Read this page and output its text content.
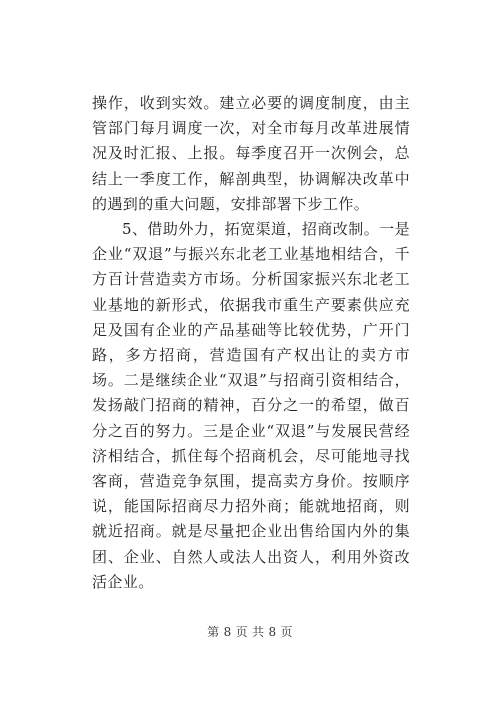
操作，收到实效。建立必要的调度制度，由主管部门每月调度一次，对全市每月改革进展情况及时汇报、上报。每季度召开一次例会，总结上一季度工作，解剖典型，协调解决改革中的遇到的重大问题，安排部署下步工作。

5、借助外力，拓宽渠道，招商改制。一是企业“双退”与振兴东北老工业基地相结合，千方百计营造卖方市场。分析国家振兴东北老工业基地的新形式，依据我市重生产要素供应充足及国有企业的产品基础等比较优势，广开门路，多方招商，营造国有产权出让的卖方市场。二是继续企业“双退”与招商引资相结合，发扬敲门招商的精神，百分之一的希望，做百分之百的努力。三是企业“双退”与发展民营经济相结合，抓住每个招商机会，尽可能地寻找客商，营造竞争氛围，提高卖方身价。按顺序说，能国际招商尽力招外商；能就地招商，则就近招商。就是尽量把企业出售给国内外的集团、企业、自然人或法人出资人，利用外资改活企业。

第 8 页 共 8 页
